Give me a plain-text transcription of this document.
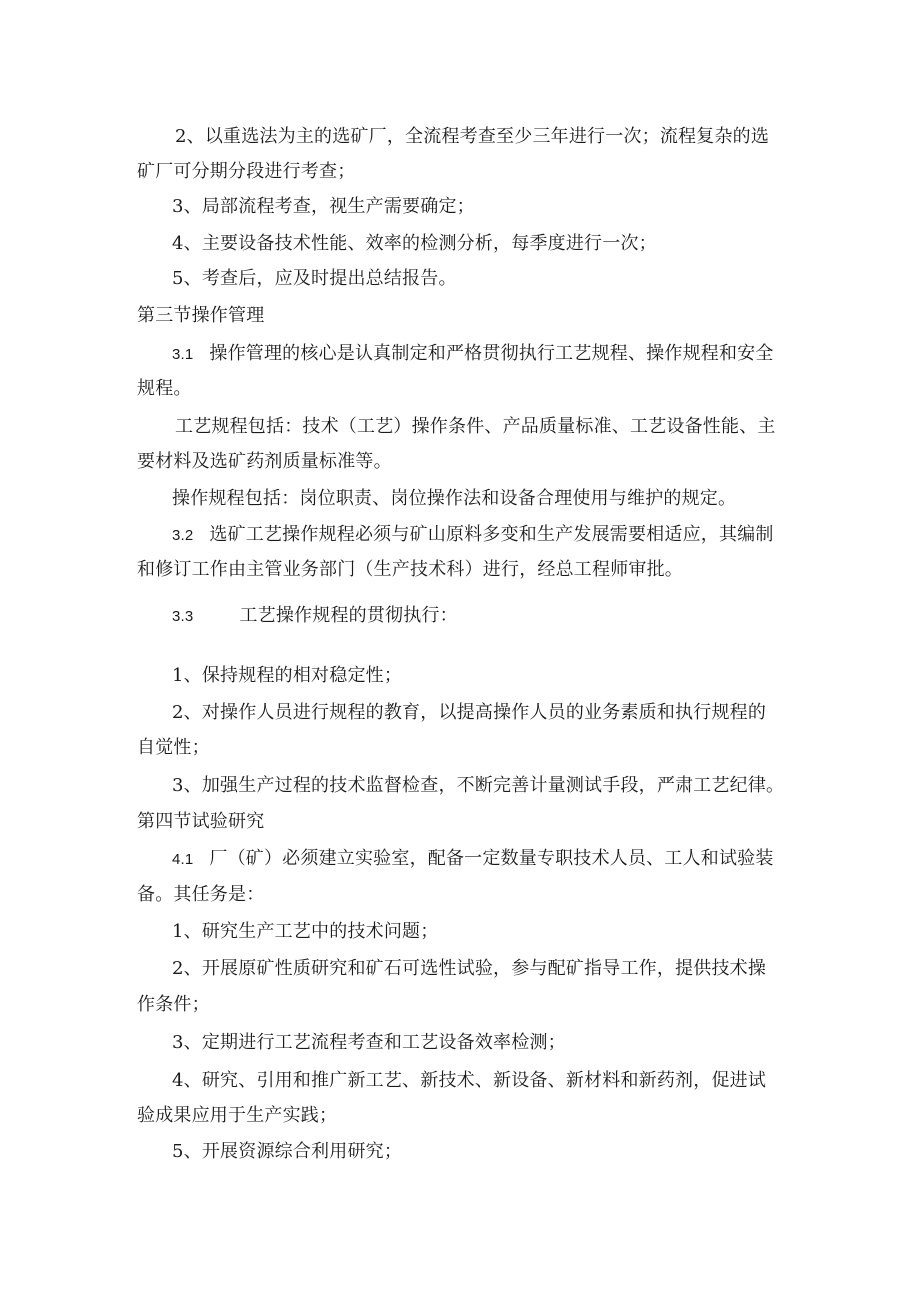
2、以重选法为主的选矿厂，全流程考查至少三年进行一次；流程复杂的选
矿厂可分期分段进行考查；
3、局部流程考查，视生产需要确定；
4、主要设备技术性能、效率的检测分析，每季度进行一次；
5、考查后，应及时提出总结报告。
第三节操作管理
3.1 操作管理的核心是认真制定和严格贯彻执行工艺规程、操作规程和安全
规程。
工艺规程包括：技术（工艺）操作条件、产品质量标准、工艺设备性能、主
要材料及选矿药剂质量标准等。
操作规程包括：岗位职责、岗位操作法和设备合理使用与维护的规定。
3.2 选矿工艺操作规程必须与矿山原料多变和生产发展需要相适应，其编制
和修订工作由主管业务部门（生产技术科）进行，经总工程师审批。
3.3	工艺操作规程的贯彻执行：
1、保持规程的相对稳定性；
2、对操作人员进行规程的教育，以提高操作人员的业务素质和执行规程的
自觉性；
3、加强生产过程的技术监督检查，不断完善计量测试手段，严肃工艺纪律。
第四节试验研究
4.1 厂（矿）必须建立实验室，配备一定数量专职技术人员、工人和试验装
备。其任务是：
1、研究生产工艺中的技术问题；
2、开展原矿性质研究和矿石可选性试验，参与配矿指导工作，提供技术操
作条件；
3、定期进行工艺流程考查和工艺设备效率检测；
4、研究、引用和推广新工艺、新技术、新设备、新材料和新药剂，促进试
验成果应用于生产实践；
5、开展资源综合利用研究；
